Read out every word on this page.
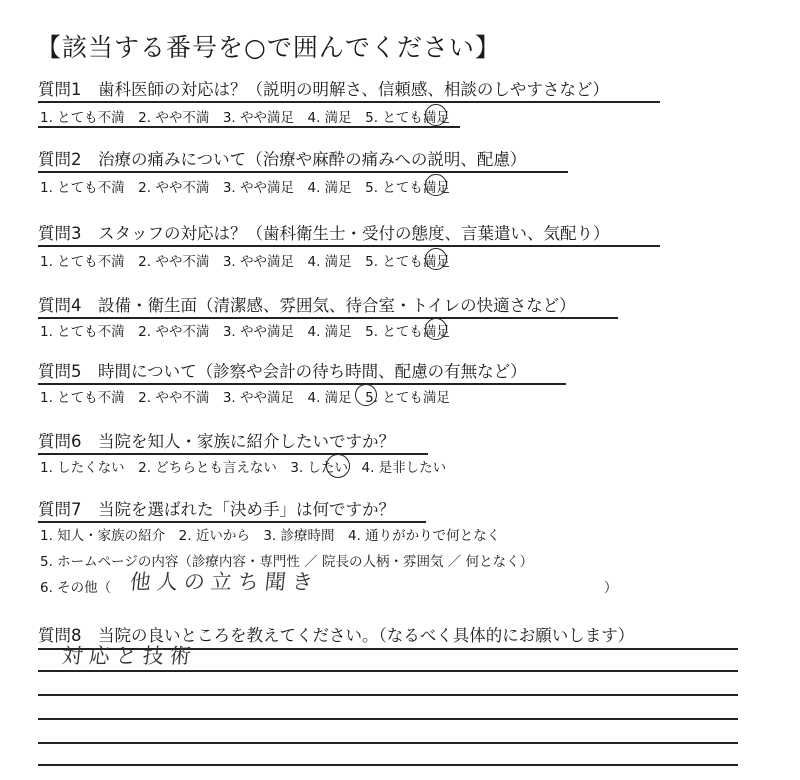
【該当する番号を○で囲んでください】
質問1　歯科医師の対応は？（説明の明解さ、信頼感、相談のしやすさなど）
1. とても不満　2. やや不満　3. やや満足　4. 満足　5. とても満足
質問2　治療の痛みについて（治療や麻酔の痛みへの説明、配慮）
1. とても不満　2. やや不満　3. やや満足　4. 満足　5. とても満足
質問3　スタッフの対応は？（歯科衛生士・受付の態度、言葉遣い、気配り）
1. とても不満　2. やや不満　3. やや満足　4. 満足　5. とても満足
質問4　設備・衛生面（清潔感、雰囲気、待合室・トイレの快適さなど）
1. とても不満　2. やや不満　3. やや満足　4. 満足　5. とても満足
質問5　時間について（診察や会計の待ち時間、配慮の有無など）
1. とても不満　2. やや不満　3. やや満足　4. 満足　5. とても満足
質問6　当院を知人・家族に紹介したいですか？
1. したくない　2. どちらとも言えない　3. したい　4. 是非したい
質問7　当院を選ばれた「決め手」は何ですか？
1. 知人・家族の紹介　2. 近いから　3. 診療時間　4. 通りがかりで何となく
5. ホームページの内容（診療内容・専門性 ／ 院長の人柄・雰囲気 ／ 何となく）
6. その他（ 他人の立ち聞き	）
質問8　当院の良いところを教えてください。（なるべく具体的にお願いします）
対応と技術
